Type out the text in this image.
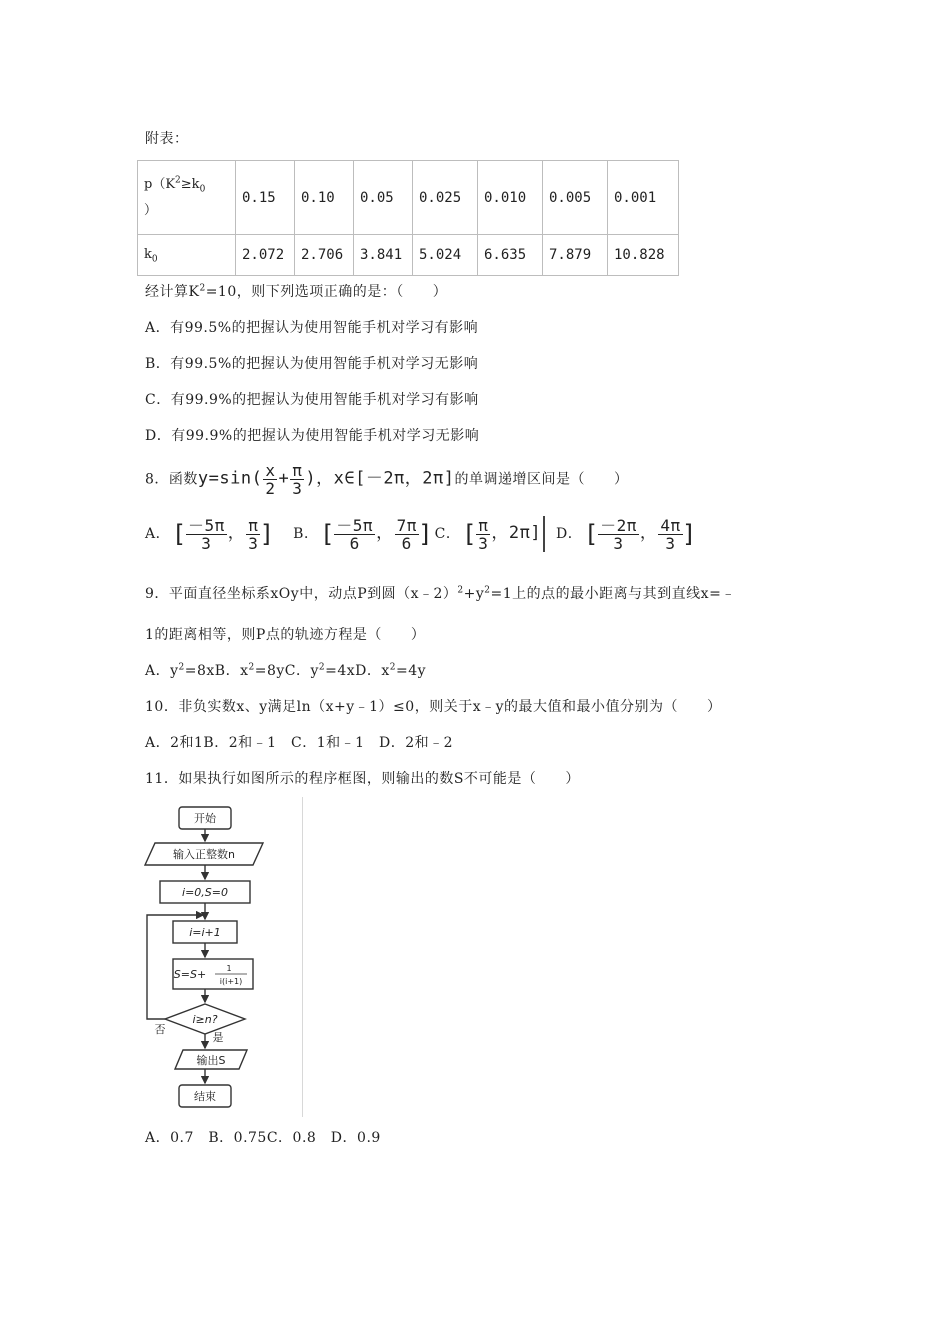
附表：
$p(K^2\ge k_0$
）	0.15	0.10	0.05	0.025	0.010	0.005	0.001
$k_0$	2.072	2.706	3.841	5.024	6.635	7.879	10.828
经计算$K^2=10$，则下列选项正确的是：（　　）
A．有99.5%的把握认为使用智能手机对学习有影响
B．有99.5%的把握认为使用智能手机对学习无影响
C．有99.9%的把握认为使用智能手机对学习有影响
D．有99.9%的把握认为使用智能手机对学习无影响
8．函数$y=\sin( \frac{x}{2} + \frac{\pi}{3}$ )，x∈[－2π，2π]的单调递增区间是（　　）
A． [ $\frac{-5\pi}{3}$ ， $\frac{\pi}{3}$ ] B． [ $\frac{-5\pi}{6}$ ， $\frac{7\pi}{6}$ ] C． [ $\frac{\pi}{3}$ ，2π] D． [ $\frac{-2\pi}{3}$ ， $\frac{4\pi}{3}$ ]
9．平面直径坐标系xOy中，动点P到圆$(x﹣2)^2+y^2=1$上的点的最小距离与其到直线x=﹣
1的距离相等，则P点的轨迹方程是（　　）
A．$y^2=8xB$．$x^2=8yC$．$y^2=4xD$．$x^2=4y$
10．非负实数x、y满足ln（x+y﹣1）≤0，则关于x﹣y的最大值和最小值分别为（　　）
A．2和1B．2和﹣1　C．1和﹣1　D．2和﹣2
11．如果执行如图所示的程序框图，则输出的数S不可能是（　　）
开始
输入正整数n
i=0,S=0
i=i+1
S=S+	1
i(i+1)
i≥n?
否
是
输出S
结束
A．0.7　B．0.75C．0.8　D．0.9
